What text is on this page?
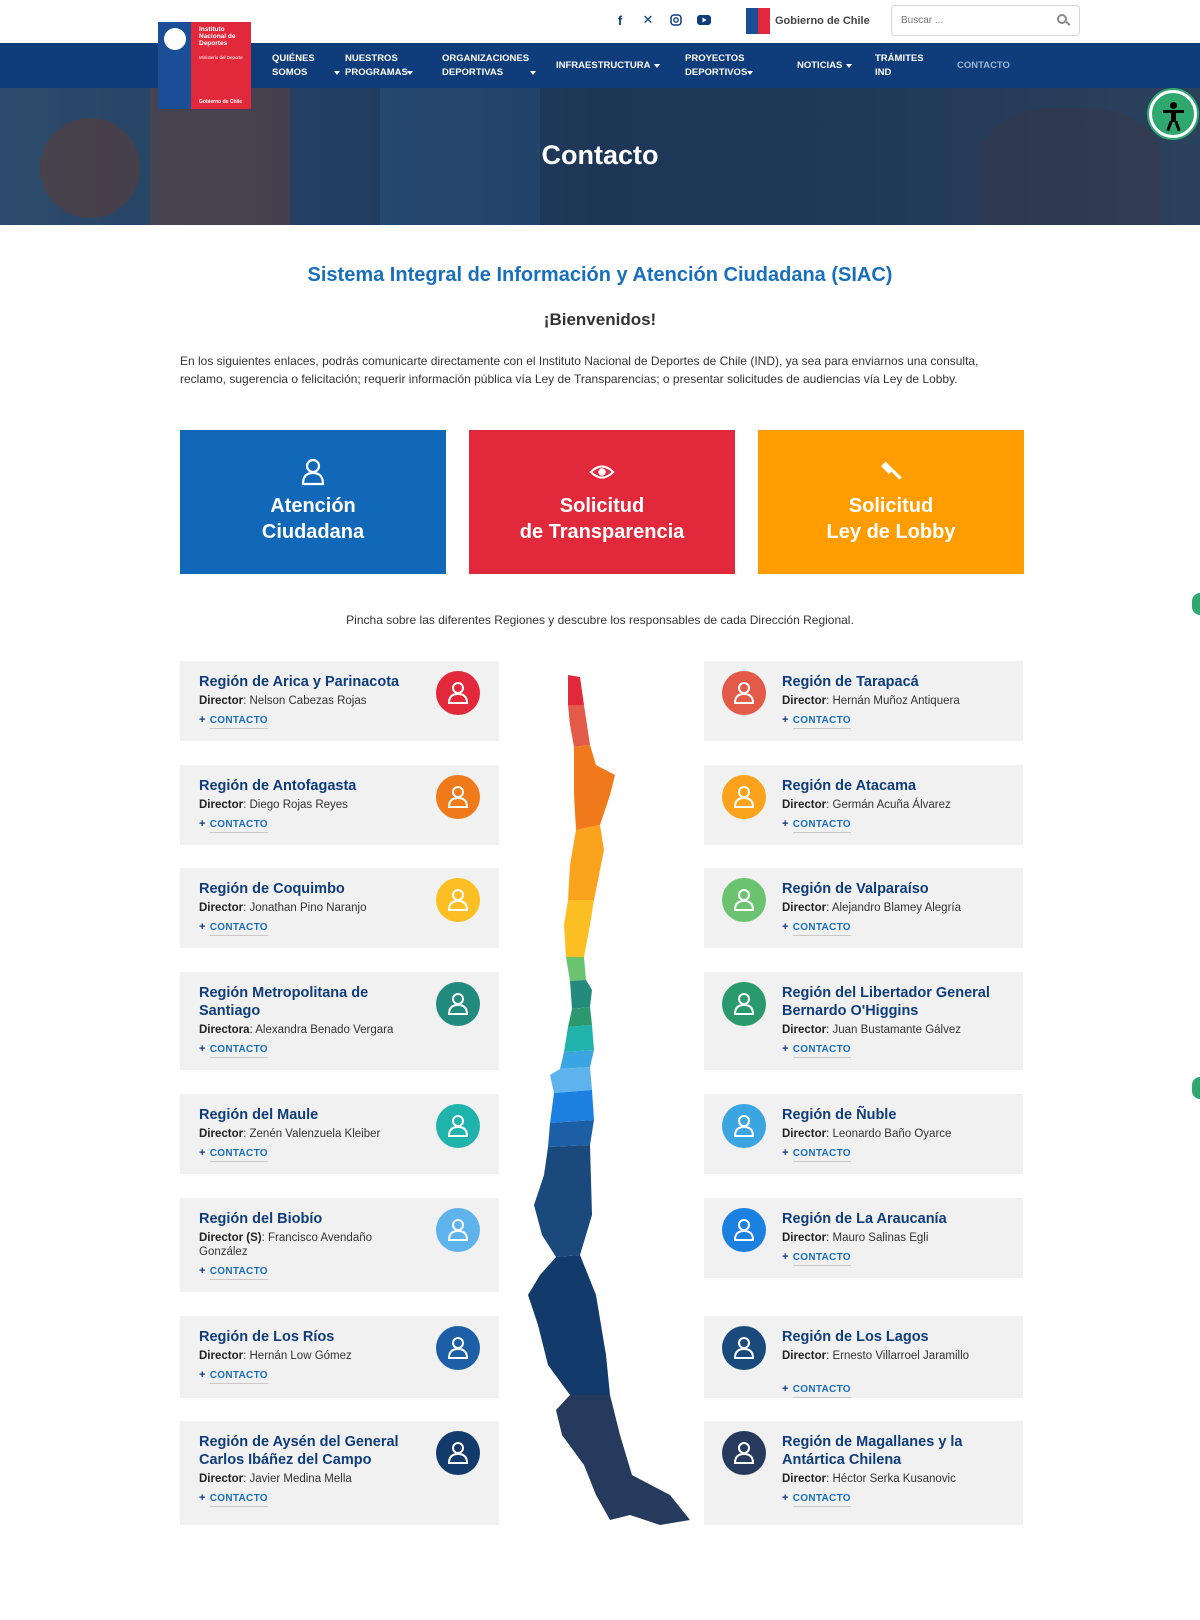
f	✕	Gobierno de Chile
Buscar ...
QUIÉNES SOMOS
NUESTROS PROGRAMAS
ORGANIZACIONES DEPORTIVAS
INFRAESTRUCTURA
PROYECTOS DEPORTIVOS
NOTICIAS
TRÁMITES IND
CONTACTO
Instituto Nacional de Deportes
Ministerio del Deporte
Gobierno de Chile
Contacto
Sistema Integral de Información y Atención Ciudadana (SIAC)
¡Bienvenidos!

En los siguientes enlaces, podrás comunicarte directamente con el Instituto Nacional de Deportes de Chile (IND), ya sea para enviarnos una consulta, reclamo, sugerencia o felicitación; requerir información pública vía Ley de Transparencias; o presentar solicitudes de audiencias vía Ley de Lobby.

Atención
Ciudadana
Solicitud
de Transparencia
Solicitud
Ley de Lobby

Pincha sobre las diferentes Regiones y descubre los responsables de cada Dirección Regional.

Región de Arica y Parinacota
Director: Nelson Cabezas Rojas
+ CONTACTO
Región de Antofagasta
Director: Diego Rojas Reyes
+ CONTACTO
Región de Coquimbo
Director: Jonathan Pino Naranjo
+ CONTACTO
Región Metropolitana de Santiago
Directora: Alexandra Benado Vergara
+ CONTACTO
Región del Maule
Director: Zenén Valenzuela Kleiber
+ CONTACTO
Región del Biobío
Director (S): Francisco Avendaño González
+ CONTACTO
Región de Los Ríos
Director: Hernán Low Gómez
+ CONTACTO
Región de Aysén del General Carlos Ibáñez del Campo
Director: Javier Medina Mella
+ CONTACTO
Región de Tarapacá
Director: Hernán Muñoz Antiquera
+ CONTACTO
Región de Atacama
Director: Germán Acuña Álvarez
+ CONTACTO
Región de Valparaíso
Director: Alejandro Blamey Alegría
+ CONTACTO
Región del Libertador General Bernardo O'Higgins
Director: Juan Bustamante Gálvez
+ CONTACTO
Región de Ñuble
Director: Leonardo Baño Oyarce
+ CONTACTO
Región de La Araucanía
Director: Mauro Salinas Egli
+ CONTACTO
Región de Los Lagos
Director: Ernesto Villarroel Jaramillo
+ CONTACTO
Región de Magallanes y la Antártica Chilena
Director: Héctor Serka Kusanovic
+ CONTACTO
